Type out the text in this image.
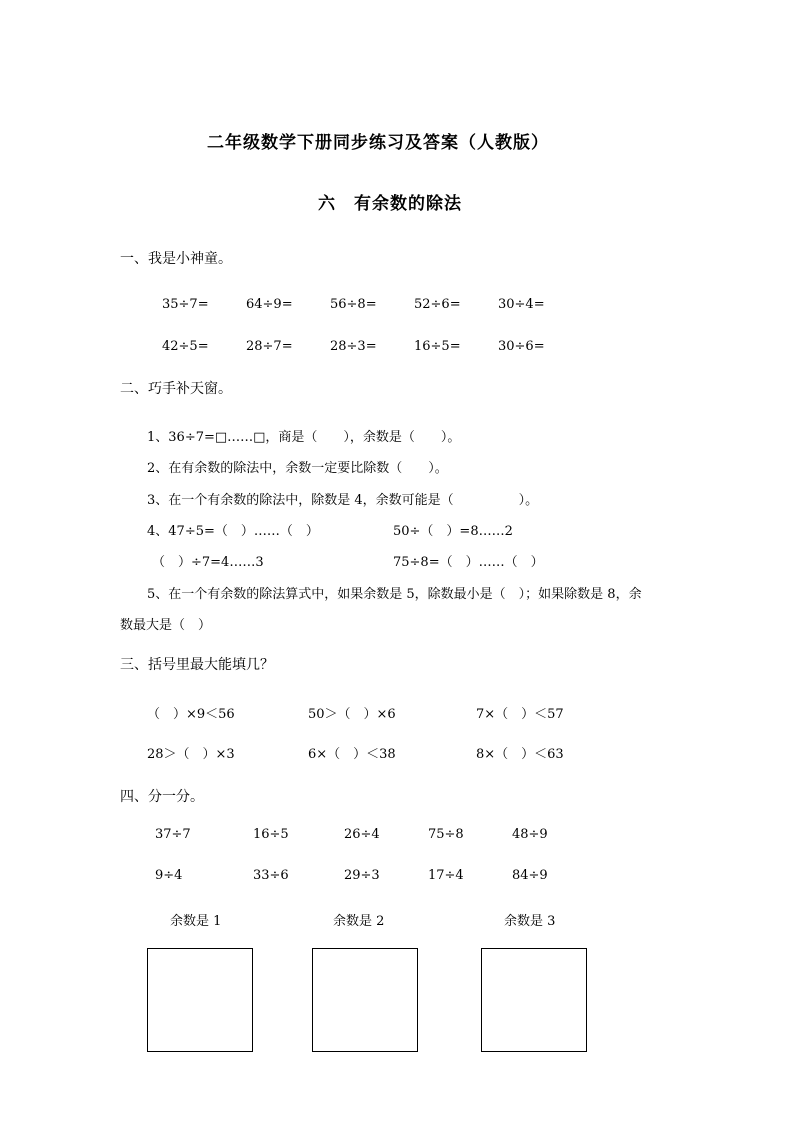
二年级数学下册同步练习及答案（人教版）
六　有余数的除法
一、我是小神童。
35÷7=	64÷9=	56÷8=	52÷6=	30÷4=
42÷5=	28÷7=	28÷3=	16÷5=	30÷6=
二、巧手补天窗。
1、36÷7=□……□，商是（　　），余数是（　　）。
2、在有余数的除法中，余数一定要比除数（　　）。
3、在一个有余数的除法中，除数是 4，余数可能是（　　　　　）。
4、47÷5=（　）……（　）	50÷（　）=8……2
（　）÷7=4……3	75÷8=（　）……（　）
5、在一个有余数的除法算式中，如果余数是 5，除数最小是（　）；如果除数是 8，余
数最大是（　）
三、括号里最大能填几？
（　）×9＜56	50＞（　）×6	7×（　）＜57
28＞（　）×3	6×（　）＜38	8×（　）＜63
四、分一分。
37÷7	16÷5	26÷4	75÷8	48÷9
9÷4	33÷6	29÷3	17÷4	84÷9
余数是 1	余数是 2	余数是 3
